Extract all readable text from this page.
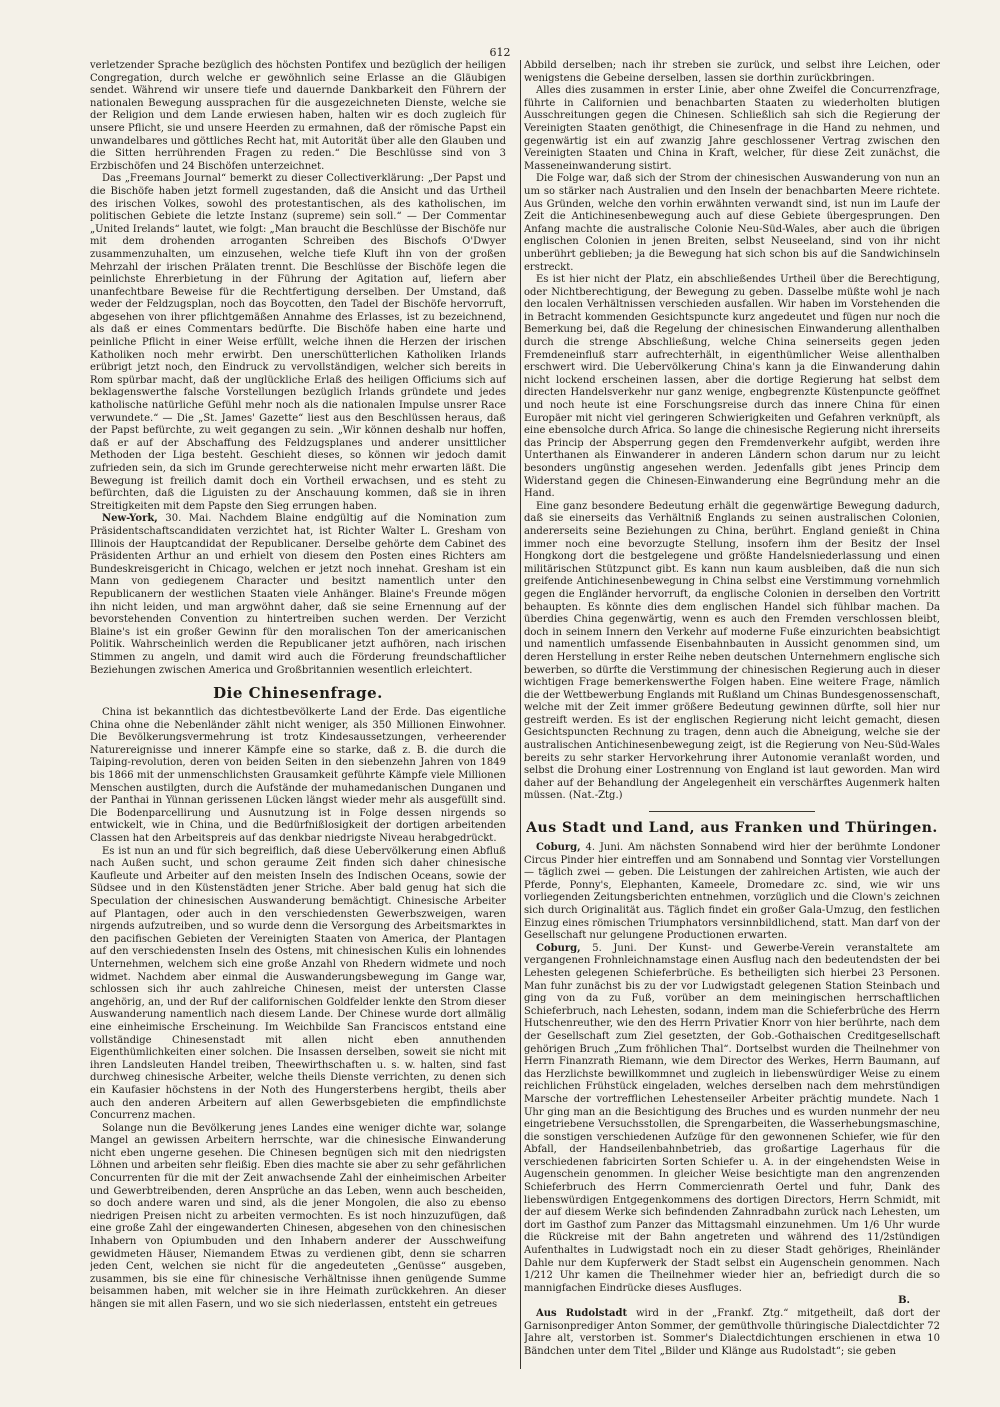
612

verletzender Sprache bezüglich des höchsten Pontifex und bezüglich der heiligen Congregation, durch welche er gewöhnlich seine Erlasse an die Gläubigen sendet. Während wir unsere tiefe und dauernde Dankbarkeit den Führern der nationalen Bewegung aussprachen für die ausgezeichneten Dienste, welche sie der Religion und dem Lande erwiesen haben, halten wir es doch zugleich für unsere Pflicht, sie und unsere Heerden zu ermahnen, daß der römische Papst ein unwandelbares und göttliches Recht hat, mit Autorität über alle den Glauben und die Sitten herrührenden Fragen zu reden.“ Die Beschlüsse sind von 3 Erzbischöfen und 24 Bischöfen unterzeichnet.

Das „Freemans Journal“ bemerkt zu dieser Collectiverklärung: „Der Papst und die Bischöfe haben jetzt formell zugestanden, daß die Ansicht und das Urtheil des irischen Volkes, sowohl des protestantischen, als des katholischen, im politischen Gebiete die letzte Instanz (supreme) sein soll.“ — Der Commentar „United Irelands“ lautet, wie folgt: „Man braucht die Beschlüsse der Bischöfe nur mit dem drohenden arroganten Schreiben des Bischofs O'Dwyer zusammenzuhalten, um einzusehen, welche tiefe Kluft ihn von der großen Mehrzahl der irischen Prälaten trennt. Die Beschlüsse der Bischöfe legen die peinlichste Ehrerbietung in der Führung der Agitation auf, liefern aber unanfechtbare Beweise für die Rechtfertigung derselben. Der Umstand, daß weder der Feldzugsplan, noch das Boycotten, den Tadel der Bischöfe hervorruft, abgesehen von ihrer pflichtgemäßen Annahme des Erlasses, ist zu bezeichnend, als daß er eines Commentars bedürfte. Die Bischöfe haben eine harte und peinliche Pflicht in einer Weise erfüllt, welche ihnen die Herzen der irischen Katholiken noch mehr erwirbt. Den unerschütterlichen Katholiken Irlands erübrigt jetzt noch, den Eindruck zu vervollständigen, welcher sich bereits in Rom spürbar macht, daß der unglückliche Erlaß des heiligen Officiums sich auf beklagenswerthe falsche Vorstellungen bezüglich Irlands gründete und jedes katholische natürliche Gefühl mehr noch als die nationalen Impulse unsrer Race verwundete.“ — Die „St. James' Gazette“ liest aus den Beschlüssen heraus, daß der Papst befürchte, zu weit gegangen zu sein. „Wir können deshalb nur hoffen, daß er auf der Abschaffung des Feldzugsplanes und anderer unsittlicher Methoden der Liga besteht. Geschieht dieses, so können wir jedoch damit zufrieden sein, da sich im Grunde gerechterweise nicht mehr erwarten läßt. Die Bewegung ist freilich damit doch ein Vortheil erwachsen, und es steht zu befürchten, daß die Liguisten zu der Anschauung kommen, daß sie in ihren Streitigkeiten mit dem Papste den Sieg errungen haben.

New-York, 30. Mai. Nachdem Blaine endgültig auf die Nomination zum Präsidentschaftscandidaten verzichtet hat, ist Richter Walter L. Gresham von Illinois der Hauptcandidat der Republicaner. Derselbe gehörte dem Cabinet des Präsidenten Arthur an und erhielt von diesem den Posten eines Richters am Bundeskreisgericht in Chicago, welchen er jetzt noch innehat. Gresham ist ein Mann von gediegenem Character und besitzt namentlich unter den Republicanern der westlichen Staaten viele Anhänger. Blaine's Freunde mögen ihn nicht leiden, und man argwöhnt daher, daß sie seine Ernennung auf der bevorstehenden Convention zu hintertreiben suchen werden. Der Verzicht Blaine's ist ein großer Gewinn für den moralischen Ton der americanischen Politik. Wahrscheinlich werden die Republicaner jetzt aufhören, nach irischen Stimmen zu angeln, und damit wird auch die Förderung freundschaftlicher Beziehungen zwischen America und Großbritannien wesentlich erleichtert.

Die Chinesenfrage.

China ist bekanntlich das dichtestbevölkerte Land der Erde. Das eigentliche China ohne die Nebenländer zählt nicht weniger, als 350 Millionen Einwohner. Die Bevölkerungsvermehrung ist trotz Kindesaussetzungen, verheerender Naturereignisse und innerer Kämpfe eine so starke, daß z. B. die durch die Taiping-revolution, deren von beiden Seiten in den siebenzehn Jahren von 1849 bis 1866 mit der unmenschlichsten Grausamkeit geführte Kämpfe viele Millionen Menschen austilgten, durch die Aufstände der muhamedanischen Dunganen und der Panthai in Yünnan gerissenen Lücken längst wieder mehr als ausgefüllt sind. Die Bodenparcellirung und Ausnutzung ist in Folge dessen nirgends so entwickelt, wie in China, und die Bedürfnißlosigkeit der dortigen arbeitenden Classen hat den Arbeitspreis auf das denkbar niedrigste Niveau herabgedrückt.

Es ist nun an und für sich begreiflich, daß diese Uebervölkerung einen Abfluß nach Außen sucht, und schon geraume Zeit finden sich daher chinesische Kaufleute und Arbeiter auf den meisten Inseln des Indischen Oceans, sowie der Südsee und in den Küstenstädten jener Striche. Aber bald genug hat sich die Speculation der chinesischen Auswanderung bemächtigt. Chinesische Arbeiter auf Plantagen, oder auch in den verschiedensten Gewerbszweigen, waren nirgends aufzutreiben, und so wurde denn die Versorgung des Arbeitsmarktes in den pacifischen Gebieten der Vereinigten Staaten von America, der Plantagen auf den verschiedensten Inseln des Ostens, mit chinesischen Kulis ein lohnendes Unternehmen, welchem sich eine große Anzahl von Rhedern widmete und noch widmet. Nachdem aber einmal die Auswanderungsbewegung im Gange war, schlossen sich ihr auch zahlreiche Chinesen, meist der untersten Classe angehörig, an, und der Ruf der californischen Goldfelder lenkte den Strom dieser Auswanderung namentlich nach diesem Lande. Der Chinese wurde dort allmälig eine einheimische Erscheinung. Im Weichbilde San Franciscos entstand eine vollständige Chinesenstadt mit allen nicht eben annuthenden Eigenthümlichkeiten einer solchen. Die Insassen derselben, soweit sie nicht mit ihren Landsleuten Handel treiben, Theewirthschaften u. s. w. halten, sind fast durchweg chinesische Arbeiter, welche theils Dienste verrichten, zu denen sich ein Kaufasier höchstens in der Noth des Hungersterbens hergibt, theils aber auch den anderen Arbeitern auf allen Gewerbsgebieten die empfindlichste Concurrenz machen.

Solange nun die Bevölkerung jenes Landes eine weniger dichte war, solange Mangel an gewissen Arbeitern herrschte, war die chinesische Einwanderung nicht eben ungerne gesehen. Die Chinesen begnügen sich mit den niedrigsten Löhnen und arbeiten sehr fleißig. Eben dies machte sie aber zu sehr gefährlichen Concurrenten für die mit der Zeit anwachsende Zahl der einheimischen Arbeiter und Gewerbtreibenden, deren Ansprüche an das Leben, wenn auch bescheiden, so doch andere waren und sind, als die jener Mongolen, die also zu ebenso niedrigen Preisen nicht zu arbeiten vermochten. Es ist noch hinzuzufügen, daß eine große Zahl der eingewanderten Chinesen, abgesehen von den chinesischen Inhabern von Opiumbuden und den Inhabern anderer der Ausschweifung gewidmeten Häuser, Niemandem Etwas zu verdienen gibt, denn sie scharren jeden Cent, welchen sie nicht für die angedeuteten „Genüsse“ ausgeben, zusammen, bis sie eine für chinesische Verhältnisse ihnen genügende Summe beisammen haben, mit welcher sie in ihre Heimath zurückkehren. An dieser hängen sie mit allen Fasern, und wo sie sich niederlassen, entsteht ein getreues

Abbild derselben; nach ihr streben sie zurück, und selbst ihre Leichen, oder wenigstens die Gebeine derselben, lassen sie dorthin zurückbringen.

Alles dies zusammen in erster Linie, aber ohne Zweifel die Concurrenzfrage, führte in Californien und benachbarten Staaten zu wiederholten blutigen Ausschreitungen gegen die Chinesen. Schließlich sah sich die Regierung der Vereinigten Staaten genöthigt, die Chinesenfrage in die Hand zu nehmen, und gegenwärtig ist ein auf zwanzig Jahre geschlossener Vertrag zwischen den Vereinigten Staaten und China in Kraft, welcher, für diese Zeit zunächst, die Masseneinwanderung sistirt.

Die Folge war, daß sich der Strom der chinesischen Auswanderung von nun an um so stärker nach Australien und den Inseln der benachbarten Meere richtete. Aus Gründen, welche den vorhin erwähnten verwandt sind, ist nun im Laufe der Zeit die Antichinesenbewegung auch auf diese Gebiete übergesprungen. Den Anfang machte die australische Colonie Neu-Süd-Wales, aber auch die übrigen englischen Colonien in jenen Breiten, selbst Neuseeland, sind von ihr nicht unberührt geblieben; ja die Bewegung hat sich schon bis auf die Sandwichinseln erstreckt.

Es ist hier nicht der Platz, ein abschließendes Urtheil über die Berechtigung, oder Nichtberechtigung, der Bewegung zu geben. Dasselbe müßte wohl je nach den localen Verhältnissen verschieden ausfallen. Wir haben im Vorstehenden die in Betracht kommenden Gesichtspuncte kurz angedeutet und fügen nur noch die Bemerkung bei, daß die Regelung der chinesischen Einwanderung allenthalben durch die strenge Abschließung, welche China seinerseits gegen jeden Fremdeneinfluß starr aufrechterhält, in eigenthümlicher Weise allenthalben erschwert wird. Die Uebervölkerung China's kann ja die Einwanderung dahin nicht lockend erscheinen lassen, aber die dortige Regierung hat selbst dem directen Handelsverkehr nur ganz wenige, engbegrenzte Küstenpuncte geöffnet und noch heute ist eine Forschungsreise durch das innere China für einen Europäer mit nicht viel geringeren Schwierigkeiten und Gefahren verknüpft, als eine ebensolche durch Africa. So lange die chinesische Regierung nicht ihrerseits das Princip der Absperrung gegen den Fremdenverkehr aufgibt, werden ihre Unterthanen als Einwanderer in anderen Ländern schon darum nur zu leicht besonders ungünstig angesehen werden. Jedenfalls gibt jenes Princip dem Widerstand gegen die Chinesen-Einwanderung eine Begründung mehr an die Hand.

Eine ganz besondere Bedeutung erhält die gegenwärtige Bewegung dadurch, daß sie einerseits das Verhältniß Englands zu seinen australischen Colonien, andererseits seine Beziehungen zu China, berührt. England genießt in China immer noch eine bevorzugte Stellung, insofern ihm der Besitz der Insel Hongkong dort die bestgelegene und größte Handelsniederlassung und einen militärischen Stützpunct gibt. Es kann nun kaum ausbleiben, daß die nun sich greifende Antichinesenbewegung in China selbst eine Verstimmung vornehmlich gegen die Engländer hervorruft, da englische Colonien in derselben den Vortritt behaupten. Es könnte dies dem englischen Handel sich fühlbar machen. Da überdies China gegenwärtig, wenn es auch den Fremden verschlossen bleibt, doch in seinem Innern den Verkehr auf moderne Fuße einzurichten beabsichtigt und namentlich umfassende Eisenbahnbauten in Aussicht genommen sind, um deren Herstellung in erster Reihe neben deutschen Unternehmern englische sich bewerben, so dürfte die Verstimmung der chinesischen Regierung auch in dieser wichtigen Frage bemerkenswerthe Folgen haben. Eine weitere Frage, nämlich die der Wettbewerbung Englands mit Rußland um Chinas Bundesgenossenschaft, welche mit der Zeit immer größere Bedeutung gewinnen dürfte, soll hier nur gestreift werden. Es ist der englischen Regierung nicht leicht gemacht, diesen Gesichtspuncten Rechnung zu tragen, denn auch die Abneigung, welche sie der australischen Antichinesenbewegung zeigt, ist die Regierung von Neu-Süd-Wales bereits zu sehr starker Hervorkehrung ihrer Autonomie veranlaßt worden, und selbst die Drohung einer Lostrennung von England ist laut geworden. Man wird daher auf der Behandlung der Angelegenheit ein verschärftes Augenmerk halten müssen. (Nat.-Ztg.)

Aus Stadt und Land, aus Franken und Thüringen.

Coburg, 4. Juni. Am nächsten Sonnabend wird hier der berühmte Londoner Circus Pinder hier eintreffen und am Sonnabend und Sonntag vier Vorstellungen — täglich zwei — geben. Die Leistungen der zahlreichen Artisten, wie auch der Pferde, Ponny's, Elephanten, Kameele, Dromedare zc. sind, wie wir uns vorliegenden Zeitungsberichten entnehmen, vorzüglich und die Clown's zeichnen sich durch Originalität aus. Täglich findet ein großer Gala-Umzug, den festlichen Einzug eines römischen Triumphators versinnbildlichend, statt. Man darf von der Gesellschaft nur gelungene Productionen erwarten.

Coburg, 5. Juni. Der Kunst- und Gewerbe-Verein veranstaltete am vergangenen Frohnleichnamstage einen Ausflug nach den bedeutendsten der bei Lehesten gelegenen Schieferbrüche. Es betheiligten sich hierbei 23 Personen. Man fuhr zunächst bis zu der vor Ludwigstadt gelegenen Station Steinbach und ging von da zu Fuß, vorüber an dem meiningischen herrschaftlichen Schieferbruch, nach Lehesten, sodann, indem man die Schieferbrüche des Herrn Hutschenreuther, wie den des Herrn Privatier Knorr von hier berührte, nach dem der Gesellschaft zum Ziel gesetzten, der Gob.-Gothaischen Creditgesellschaft gehörigen Bruch „Zum fröhlichen Thal“. Dortselbst wurden die Theilnehmer von Herrn Finanzrath Riemann, wie dem Director des Werkes, Herrn Baumann, auf das Herzlichste bewillkommnet und zugleich in liebenswürdiger Weise zu einem reichlichen Frühstück eingeladen, welches derselben nach dem mehrstündigen Marsche der vortrefflichen Lehestenseiler Arbeiter prächtig mundete. Nach 1 Uhr ging man an die Besichtigung des Bruches und es wurden nunmehr der neu eingetriebene Versuchsstollen, die Sprengarbeiten, die Wasserhebungsmaschine, die sonstigen verschiedenen Aufzüge für den gewonnenen Schiefer, wie für den Abfall, der Handseilenbahnbetrieb, das großartige Lagerhaus für die verschiedenen fabricirten Sorten Schiefer u. A. in der eingehendsten Weise in Augenschein genommen. In gleicher Weise besichtigte man den angrenzenden Schieferbruch des Herrn Commercienrath Oertel und fuhr, Dank des liebenswürdigen Entgegenkommens des dortigen Directors, Herrn Schmidt, mit der auf diesem Werke sich befindenden Zahnradbahn zurück nach Lehesten, um dort im Gasthof zum Panzer das Mittagsmahl einzunehmen. Um 1/6 Uhr wurde die Rückreise mit der Bahn angetreten und während des 11/2stündigen Aufenthaltes in Ludwigstadt noch ein zu dieser Stadt gehöriges, Rheinländer Dahle nur dem Kupferwerk der Stadt selbst ein Augenschein genommen. Nach 1/212 Uhr kamen die Theilnehmer wieder hier an, befriedigt durch die so mannigfachen Eindrücke dieses Ausfluges.

B.

Aus Rudolstadt wird in der „Frankf. Ztg.“ mitgetheilt, daß dort der Garnisonprediger Anton Sommer, der gemüthvolle thüringische Dialectdichter 72 Jahre alt, verstorben ist. Sommer's Dialectdichtungen erschienen in etwa 10 Bändchen unter dem Titel „Bilder und Klänge aus Rudolstadt“; sie geben
